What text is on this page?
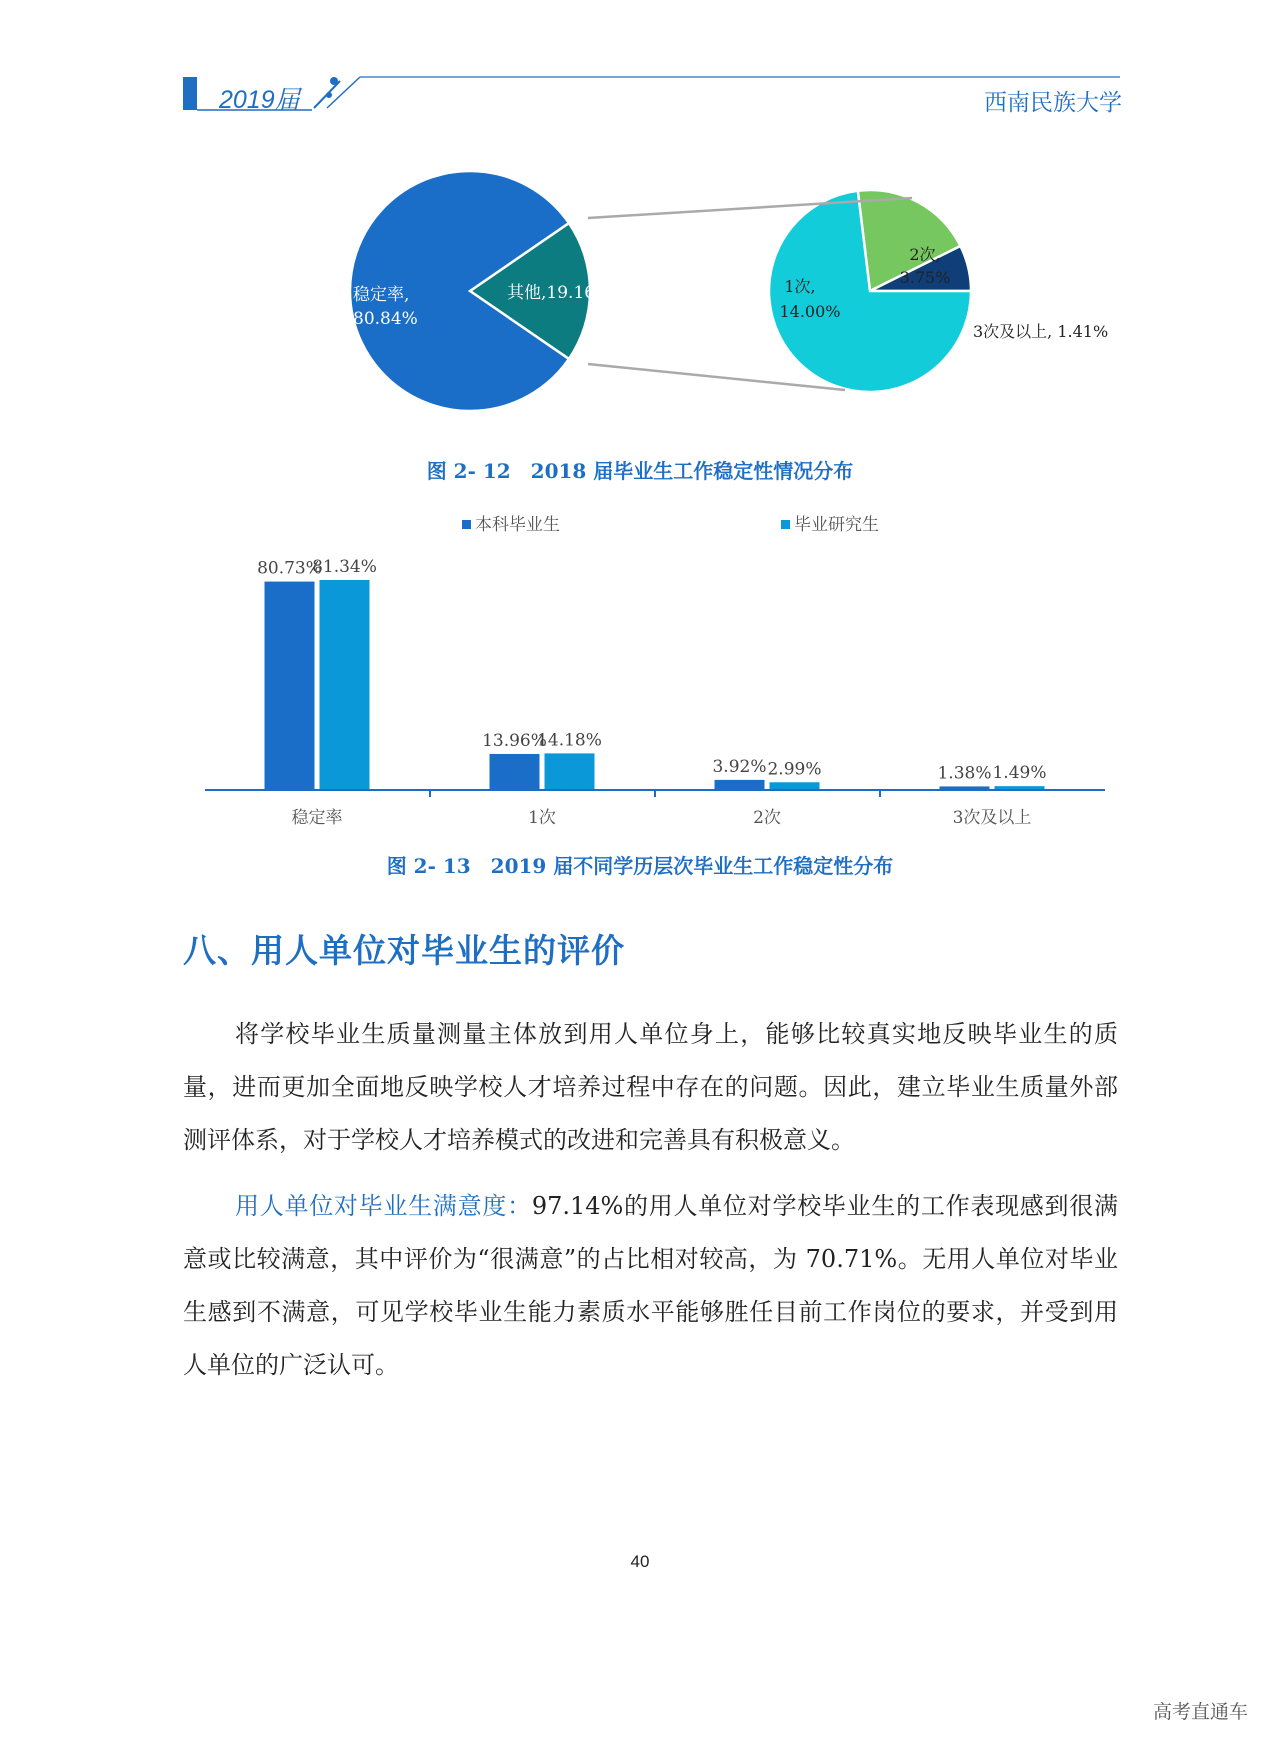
2019届	西南民族大学
稳定率,
80.84%
其他,19.16%	1次,
14.00%
2次,
3.75%
3次及以上, 1.41%
图 2- 12　2018 届毕业生工作稳定性情况分布
本科毕业生	毕业研究生
80.73%
81.34%
13.96%
14.18%
3.92% 2.99%	1.38% 1.49%
稳定率	1次	2次	3次及以上
图 2- 13　2019 届不同学历层次毕业生工作稳定性分布
八、用人单位对毕业生的评价
将学校毕业生质量测量主体放到用人单位身上，能够比较真实地反映毕业生的质量，进而更加全面地反映学校人才培养过程中存在的问题。因此，建立毕业生质量外部测评体系，对于学校人才培养模式的改进和完善具有积极意义。
用人单位对毕业生满意度：97.14%的用人单位对学校毕业生的工作表现感到很满意或比较满意，其中评价为“很满意”的占比相对较高，为 70.71%。无用人单位对毕业生感到不满意，可见学校毕业生能力素质水平能够胜任目前工作岗位的要求，并受到用人单位的广泛认可。
40
高考直通车
